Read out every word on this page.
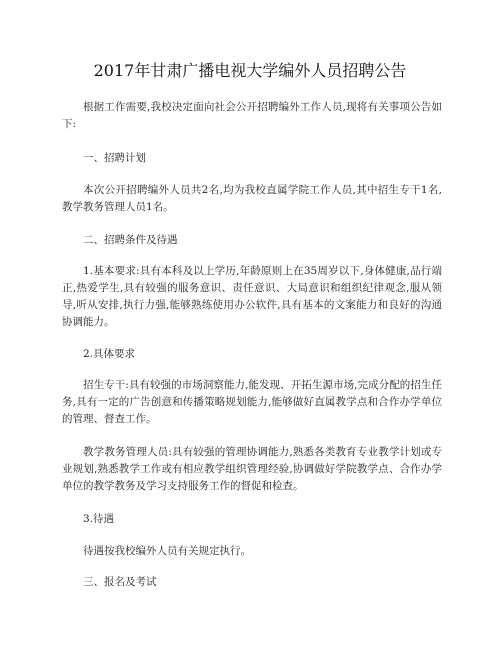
2017年甘肃广播电视大学编外人员招聘公告

根据工作需要,我校决定面向社会公开招聘编外工作人员,现将有关事项公告如下:

一、招聘计划

本次公开招聘编外人员共2名,均为我校直属学院工作人员,其中招生专干1名,教学教务管理人员1名。

二、招聘条件及待遇

1.基本要求:具有本科及以上学历,年龄原则上在35周岁以下,身体健康,品行端正,热爱学生,具有较强的服务意识、责任意识、大局意识和组织纪律观念,服从领导,听从安排,执行力强,能够熟练使用办公软件,具有基本的文案能力和良好的沟通协调能力。

2.具体要求

招生专干:具有较强的市场洞察能力,能发现、开拓生源市场,完成分配的招生任务,具有一定的广告创意和传播策略规划能力,能够做好直属教学点和合作办学单位的管理、督查工作。

教学教务管理人员:具有较强的管理协调能力,熟悉各类教育专业教学计划或专业规划,熟悉教学工作或有相应教学组织管理经验,协调做好学院教学点、合作办学单位的教学教务及学习支持服务工作的督促和检查。

3.待遇

待遇按我校编外人员有关规定执行。

三、报名及考试
